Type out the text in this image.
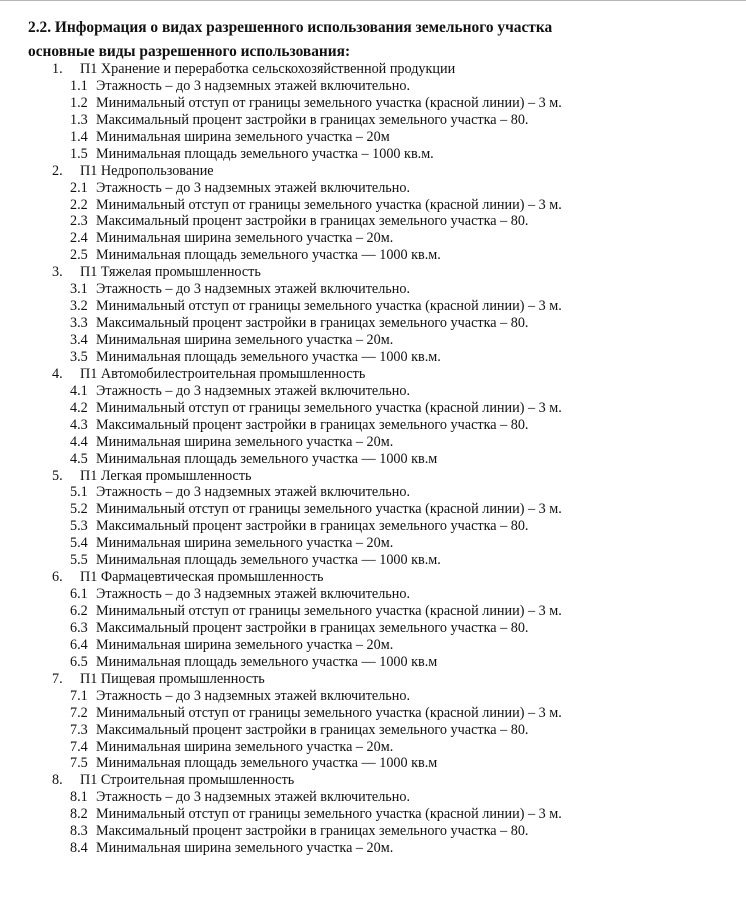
2.2. Информация о видах разрешенного использования земельного участка
основные виды разрешенного использования:
1. П1 Хранение и переработка сельскохозяйственной продукции
1.1 Этажность – до 3 надземных этажей включительно.
1.2 Минимальный отступ от границы земельного участка (красной линии) – 3 м.
1.3 Максимальный процент застройки в границах земельного участка – 80.
1.4 Минимальная ширина земельного участка – 20м
1.5 Минимальная площадь земельного участка – 1000 кв.м.
2. П1 Недропользование
2.1 Этажность – до 3 надземных этажей включительно.
2.2 Минимальный отступ от границы земельного участка (красной линии) – 3 м.
2.3 Максимальный процент застройки в границах земельного участка – 80.
2.4 Минимальная ширина земельного участка – 20м.
2.5 Минимальная площадь земельного участка — 1000 кв.м.
3. П1 Тяжелая промышленность
3.1 Этажность – до 3 надземных этажей включительно.
3.2 Минимальный отступ от границы земельного участка (красной линии) – 3 м.
3.3 Максимальный процент застройки в границах земельного участка – 80.
3.4 Минимальная ширина земельного участка – 20м.
3.5 Минимальная площадь земельного участка — 1000 кв.м.
4. П1 Автомобилестроительная промышленность
4.1 Этажность – до 3 надземных этажей включительно.
4.2 Минимальный отступ от границы земельного участка (красной линии) – 3 м.
4.3 Максимальный процент застройки в границах земельного участка – 80.
4.4 Минимальная ширина земельного участка – 20м.
4.5 Минимальная площадь земельного участка — 1000 кв.м
5. П1 Легкая промышленность
5.1 Этажность – до 3 надземных этажей включительно.
5.2 Минимальный отступ от границы земельного участка (красной линии) – 3 м.
5.3 Максимальный процент застройки в границах земельного участка – 80.
5.4 Минимальная ширина земельного участка – 20м.
5.5 Минимальная площадь земельного участка — 1000 кв.м.
6. П1 Фармацевтическая промышленность
6.1 Этажность – до 3 надземных этажей включительно.
6.2 Минимальный отступ от границы земельного участка (красной линии) – 3 м.
6.3 Максимальный процент застройки в границах земельного участка – 80.
6.4 Минимальная ширина земельного участка – 20м.
6.5 Минимальная площадь земельного участка — 1000 кв.м
7. П1 Пищевая промышленность
7.1 Этажность – до 3 надземных этажей включительно.
7.2 Минимальный отступ от границы земельного участка (красной линии) – 3 м.
7.3 Максимальный процент застройки в границах земельного участка – 80.
7.4 Минимальная ширина земельного участка – 20м.
7.5 Минимальная площадь земельного участка — 1000 кв.м
8. П1 Строительная промышленность
8.1 Этажность – до 3 надземных этажей включительно.
8.2 Минимальный отступ от границы земельного участка (красной линии) – 3 м.
8.3 Максимальный процент застройки в границах земельного участка – 80.
8.4 Минимальная ширина земельного участка – 20м.
